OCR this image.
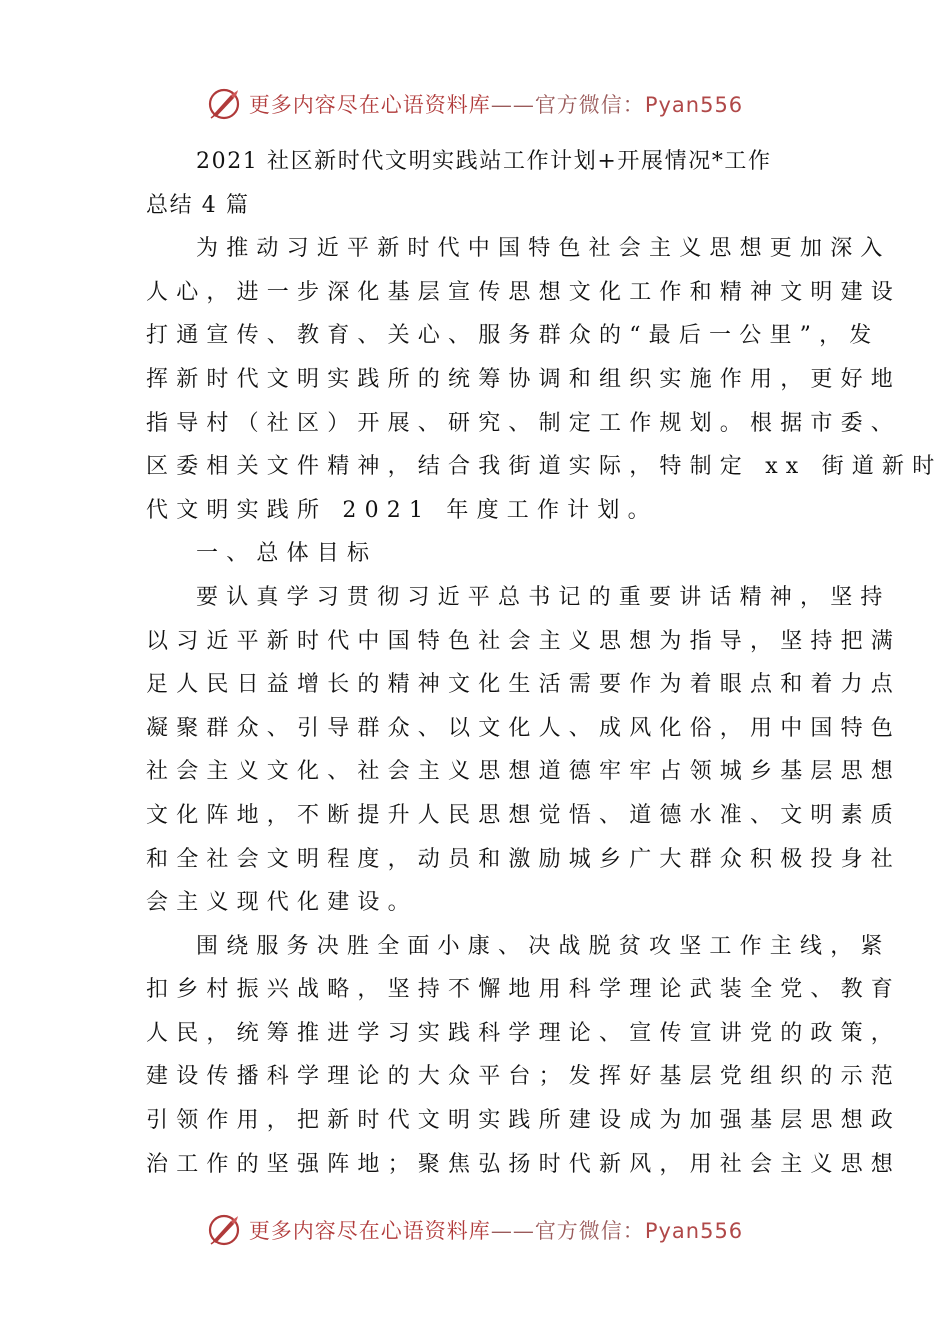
更多内容尽在心语资料库——官方微信：Pyan556

2021 社区新时代文明实践站工作计划+开展情况*工作
总结 4 篇

为推动习近平新时代中国特色社会主义思想更加深入
人心，进一步深化基层宣传思想文化工作和精神文明建设
打通宣传、教育、关心、服务群众的“最后一公里”，发
挥新时代文明实践所的统筹协调和组织实施作用，更好地
指导村（社区）开展、研究、制定工作规划。根据市委、
区委相关文件精神，结合我街道实际，特制定 xx 街道新时
代文明实践所 2021 年度工作计划。
一、总体目标
要认真学习贯彻习近平总书记的重要讲话精神，坚持
以习近平新时代中国特色社会主义思想为指导，坚持把满
足人民日益增长的精神文化生活需要作为着眼点和着力点
凝聚群众、引导群众、以文化人、成风化俗，用中国特色
社会主义文化、社会主义思想道德牢牢占领城乡基层思想
文化阵地，不断提升人民思想觉悟、道德水准、文明素质
和全社会文明程度，动员和激励城乡广大群众积极投身社
会主义现代化建设。
围绕服务决胜全面小康、决战脱贫攻坚工作主线，紧
扣乡村振兴战略，坚持不懈地用科学理论武装全党、教育
人民，统筹推进学习实践科学理论、宣传宣讲党的政策，
建设传播科学理论的大众平台；发挥好基层党组织的示范
引领作用，把新时代文明实践所建设成为加强基层思想政
治工作的坚强阵地；聚焦弘扬时代新风，用社会主义思想
更多内容尽在心语资料库——官方微信：Pyan556
